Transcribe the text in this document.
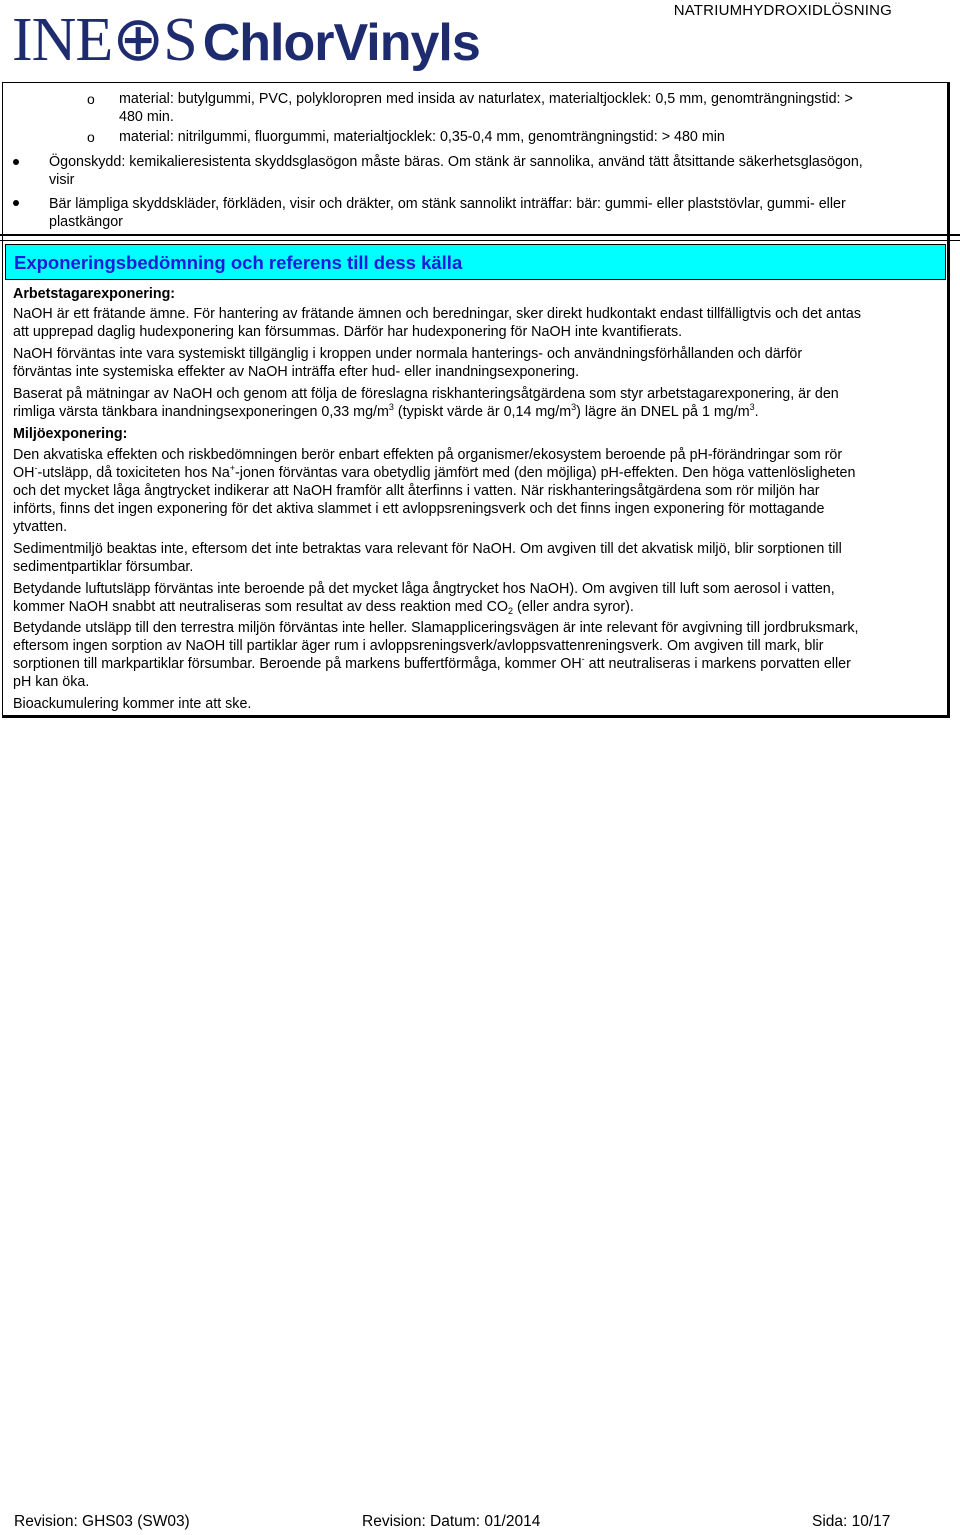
INE⊕S ChlorVinyls
NATRIUMHYDROXIDLÖSNING
o material: butylgummi, PVC, polykloropren med insida av naturlatex, materialtjocklek: 0,5 mm, genomträngningstid: >
480 min.
o material: nitrilgummi, fluorgummi, materialtjocklek: 0,35-0,4 mm, genomträngningstid: > 480 min
Ögonskydd: kemikalieresistenta skyddsglasögon måste bäras. Om stänk är sannolika, använd tätt åtsittande säkerhetsglasögon,
visir
Bär lämpliga skyddskläder, förkläden, visir och dräkter, om stänk sannolikt inträffar: bär: gummi- eller plaststövlar, gummi- eller
plastkängor
Exponeringsbedömning och referens till dess källa
Arbetstagarexponering:
NaOH är ett frätande ämne. För hantering av frätande ämnen och beredningar, sker direkt hudkontakt endast tillfälligtvis och det antas
att upprepad daglig hudexponering kan försummas. Därför har hudexponering för NaOH inte kvantifierats.
NaOH förväntas inte vara systemiskt tillgänglig i kroppen under normala hanterings- och användningsförhållanden och därför
förväntas inte systemiska effekter av NaOH inträffa efter hud- eller inandningsexponering.
Baserat på mätningar av NaOH och genom att följa de föreslagna riskhanteringsåtgärdena som styr arbetstagarexponering, är den
rimliga värsta tänkbara inandningsexponeringen 0,33 $mg/m^3$ (typiskt värde är 0,14 $mg/m^3$) lägre än DNEL på 1 $mg/m^3$.
Miljöexponering:
Den akvatiska effekten och riskbedömningen berör enbart effekten på organismer/ekosystem beroende på pH-förändringar som rör
OH--utsläpp, då toxiciteten hos Na+-jonen förväntas vara obetydlig jämfört med (den möjliga) pH-effekten. Den höga vattenlösligheten
och det mycket låga ångtrycket indikerar att NaOH framför allt återfinns i vatten. När riskhanteringsåtgärdena som rör miljön har
införts, finns det ingen exponering för det aktiva slammet i ett avloppsreningsverk och det finns ingen exponering för mottagande
ytvatten.
Sedimentmiljö beaktas inte, eftersom det inte betraktas vara relevant för NaOH. Om avgiven till det akvatisk miljö, blir sorptionen till
sedimentpartiklar försumbar.
Betydande luftutsläpp förväntas inte beroende på det mycket låga ångtrycket hos NaOH). Om avgiven till luft som aerosol i vatten,
kommer NaOH snabbt att neutraliseras som resultat av dess reaktion med $CO_2$ (eller andra syror).
Betydande utsläpp till den terrestra miljön förväntas inte heller. Slamappliceringsvägen är inte relevant för avgivning till jordbruksmark,
eftersom ingen sorption av NaOH till partiklar äger rum i avloppsreningsverk/avloppsvattenreningsverk. Om avgiven till mark, blir
sorptionen till markpartiklar försumbar. Beroende på markens buffertförmåga, kommer OH- att neutraliseras i markens porvatten eller
pH kan öka.
Bioackumulering kommer inte att ske.
Revision: GHS03 (SW03)	Revision: Datum: 01/2014	Sida: 10/17
